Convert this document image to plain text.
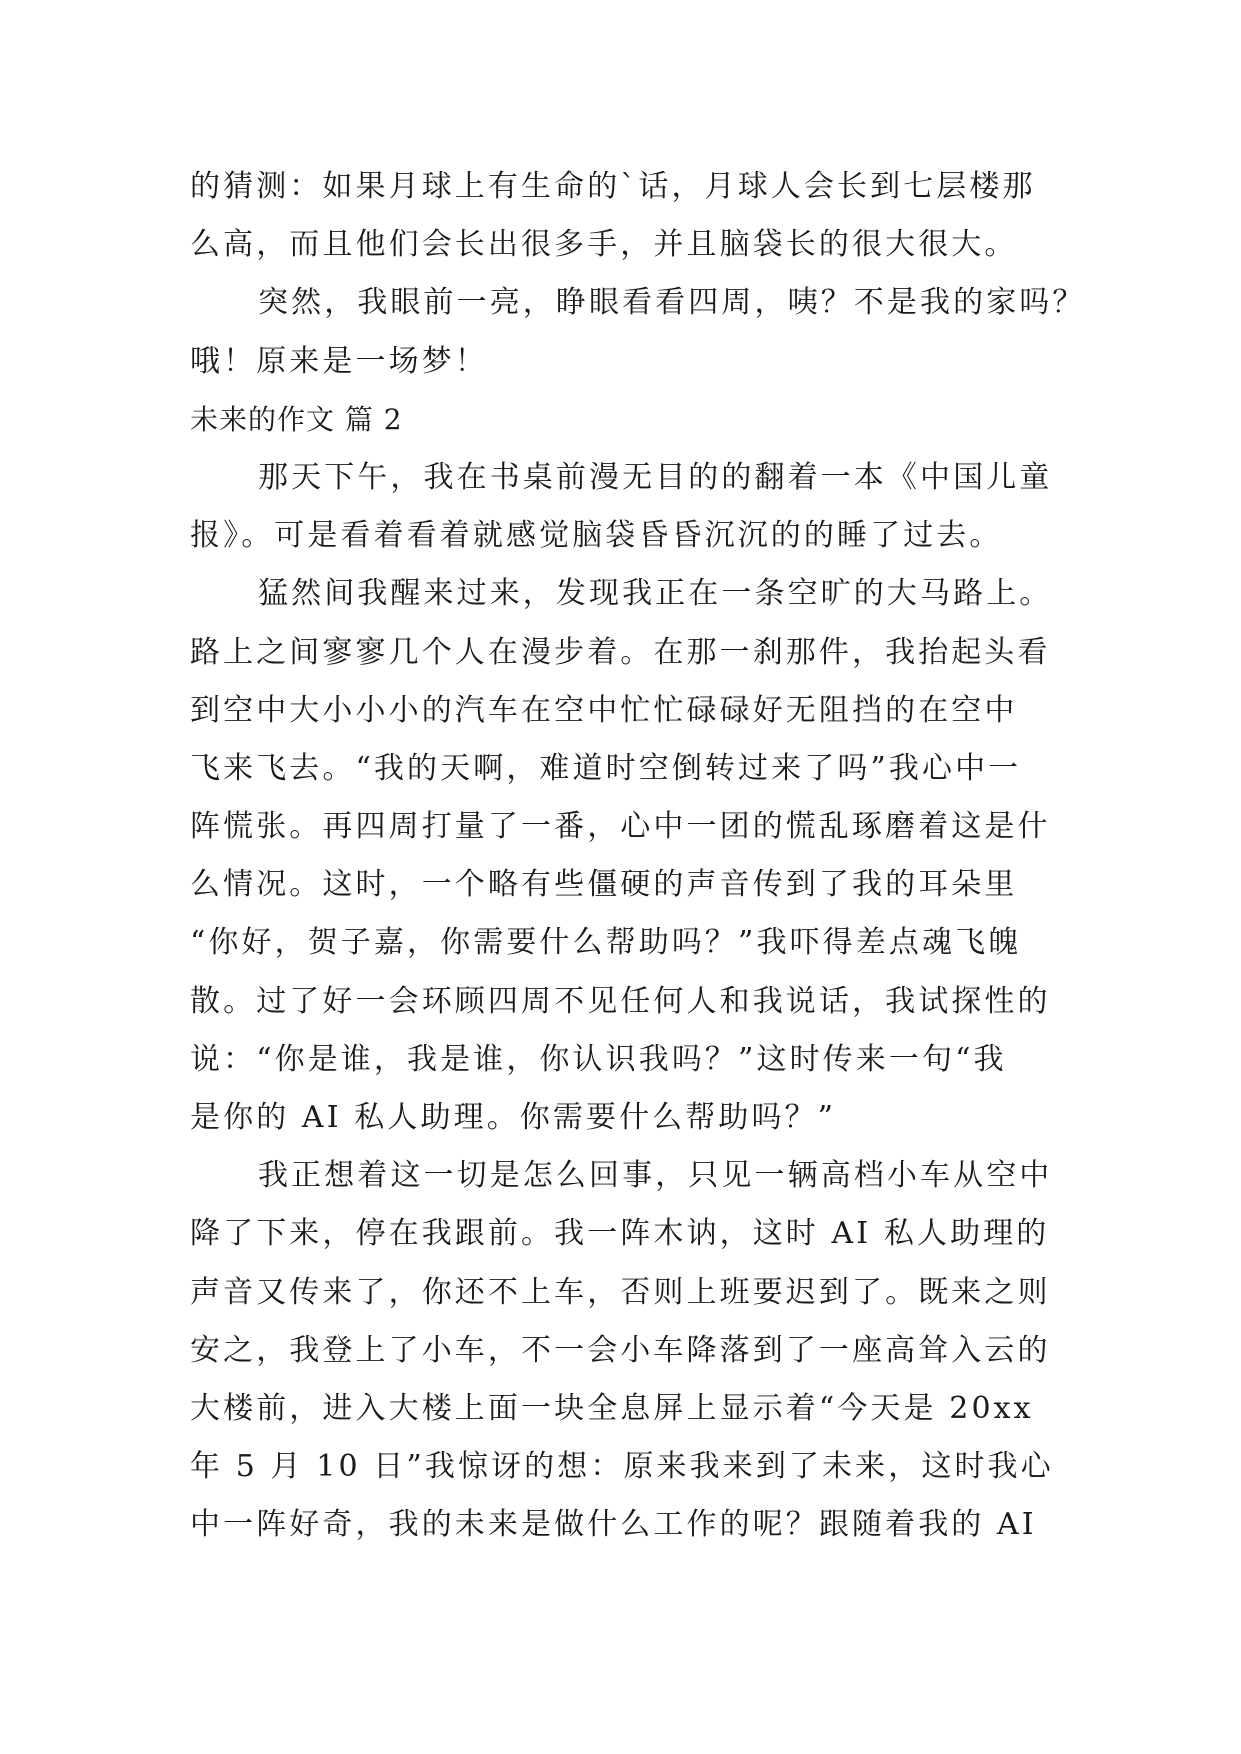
的猜测：如果月球上有生命的`话，月球人会长到七层楼那
么高，而且他们会长出很多手，并且脑袋长的很大很大。
突然，我眼前一亮，睁眼看看四周，咦？不是我的家吗？
哦！原来是一场梦！
未来的作文 篇 2
那天下午，我在书桌前漫无目的的翻着一本《中国儿童
报》。可是看着看着就感觉脑袋昏昏沉沉的的睡了过去。
猛然间我醒来过来，发现我正在一条空旷的大马路上。
路上之间寥寥几个人在漫步着。在那一刹那件，我抬起头看
到空中大小小小的汽车在空中忙忙碌碌好无阻挡的在空中
飞来飞去。“我的天啊，难道时空倒转过来了吗”我心中一
阵慌张。再四周打量了一番，心中一团的慌乱琢磨着这是什
么情况。这时，一个略有些僵硬的声音传到了我的耳朵里
“你好，贺子嘉，你需要什么帮助吗？”我吓得差点魂飞魄
散。过了好一会环顾四周不见任何人和我说话，我试探性的
说：“你是谁，我是谁，你认识我吗？”这时传来一句“我
是你的 AI 私人助理。你需要什么帮助吗？”
我正想着这一切是怎么回事，只见一辆高档小车从空中
降了下来，停在我跟前。我一阵木讷，这时 AI 私人助理的
声音又传来了，你还不上车，否则上班要迟到了。既来之则
安之，我登上了小车，不一会小车降落到了一座高耸入云的
大楼前，进入大楼上面一块全息屏上显示着“今天是 20xx
年 5 月 10 日”我惊讶的想：原来我来到了未来，这时我心
中一阵好奇，我的未来是做什么工作的呢？跟随着我的 AI
